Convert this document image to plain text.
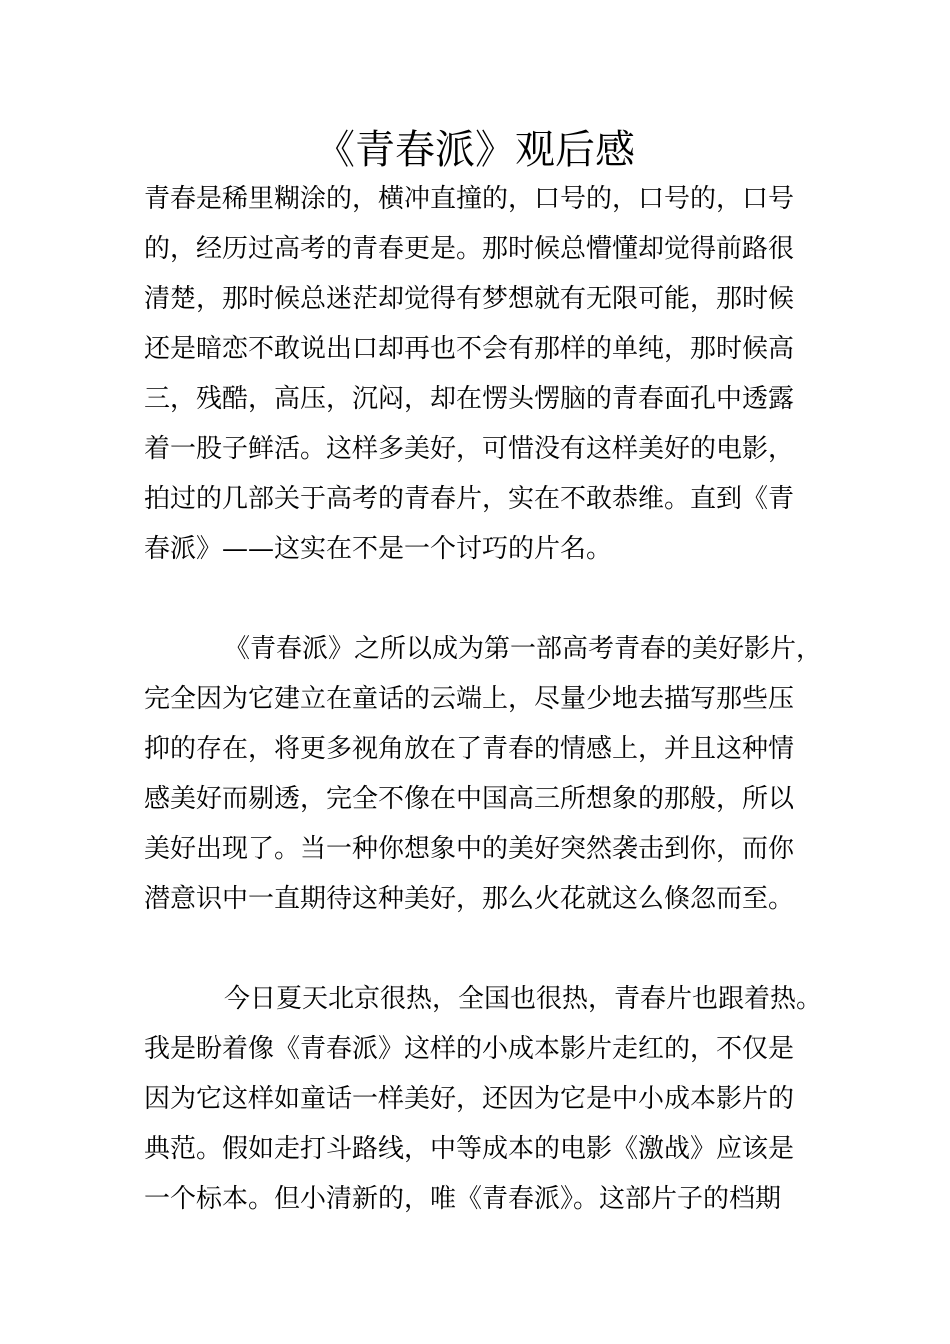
《青春派》观后感
青春是稀里糊涂的，横冲直撞的，口号的，口号的，口号
的，经历过高考的青春更是。那时候总懵懂却觉得前路很
清楚，那时候总迷茫却觉得有梦想就有无限可能，那时候
还是暗恋不敢说出口却再也不会有那样的单纯，那时候高
三，残酷，高压，沉闷，却在愣头愣脑的青春面孔中透露
着一股子鲜活。这样多美好，可惜没有这样美好的电影，
拍过的几部关于高考的青春片，实在不敢恭维。直到《青
春派》——这实在不是一个讨巧的片名。
《青春派》之所以成为第一部高考青春的美好影片，
完全因为它建立在童话的云端上，尽量少地去描写那些压
抑的存在，将更多视角放在了青春的情感上，并且这种情
感美好而剔透，完全不像在中国高三所想象的那般，所以
美好出现了。当一种你想象中的美好突然袭击到你，而你
潜意识中一直期待这种美好，那么火花就这么倏忽而至。
今日夏天北京很热，全国也很热，青春片也跟着热。
我是盼着像《青春派》这样的小成本影片走红的，不仅是
因为它这样如童话一样美好，还因为它是中小成本影片的
典范。假如走打斗路线，中等成本的电影《激战》应该是
一个标本。但小清新的，唯《青春派》。这部片子的档期
